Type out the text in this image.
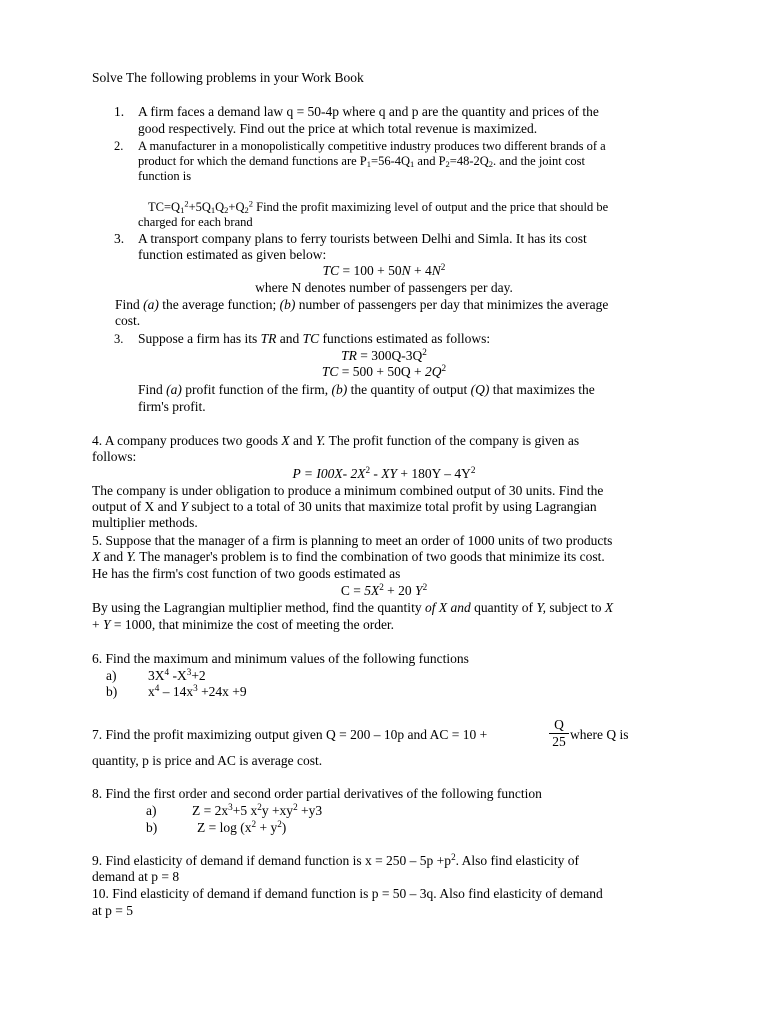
Solve The following problems in your Work Book
1. A firm faces a demand law q = 50-4p where q and p are the quantity and prices of the
good respectively. Find out the price at which total revenue is maximized.
2. A manufacturer in a monopolistically competitive industry produces two different brands of a
product for which the demand functions are $P_1=56-4Q_1$ and $P_2=48-2Q_2$. and the joint cost
function is
$TC=Q_1^2+5Q_1Q_2+Q_2^2$ Find the profit maximizing level of output and the price that should be
charged for each brand
3. A transport company plans to ferry tourists between Delhi and Simla. It has its cost
function estimated as given below:
TC = $100 + 50N + 4N^2$
where N denotes number of passengers per day.
Find (a) the average function; (b) number of passengers per day that minimizes the average
cost.
3. Suppose a firm has its TR and TC functions estimated as follows:
TR = $300Q-3Q^2$
TC = $500 + 50Q + 2Q^2$
Find (a) profit function of the firm, (b) the quantity of output (Q) that maximizes the
firm's profit.
4. A company produces two goods X and Y. The profit function of the company is given as
follows:
P = I00X- $2X^2$ - XY + $180Y - 4Y^2$
The company is under obligation to produce a minimum combined output of 30 units. Find the
output of X and Y subject to a total of 30 units that maximize total profit by using Lagrangian
multiplier methods.
5. Suppose that the manager of a firm is planning to meet an order of 1000 units of two products
X and Y. The manager's problem is to find the combination of two goods that minimize its cost.
He has the firm's cost function of two goods estimated as
$C = 5X^2 + 20$ $Y^2$
By using the Lagrangian multiplier method, find the quantity of X and quantity of Y, subject to X
+ Y = 1000, that minimize the cost of meeting the order.
6. Find the maximum and minimum values of the following functions
a) $3X^4$ $-X^3+2$
b) $x^4 - 14x^3 +24x +9$
7. Find the profit maximizing output given Q = 200 – 10p and AC = 10 +	$\frac{Q}{25}$ where Q is
quantity, p is price and AC is average cost.
8. Find the first order and second order partial derivatives of the following function
a)	$Z = 2x^3+5$ $x^2y +xy^2 +y3$
b)	$Z = \log (x^2 + y^2)$
9. Find elasticity of demand if demand function is $x = 250 - 5p +p^2$. Also find elasticity of
demand at p = 8
10. Find elasticity of demand if demand function is p = 50 – 3q. Also find elasticity of demand
at p = 5
